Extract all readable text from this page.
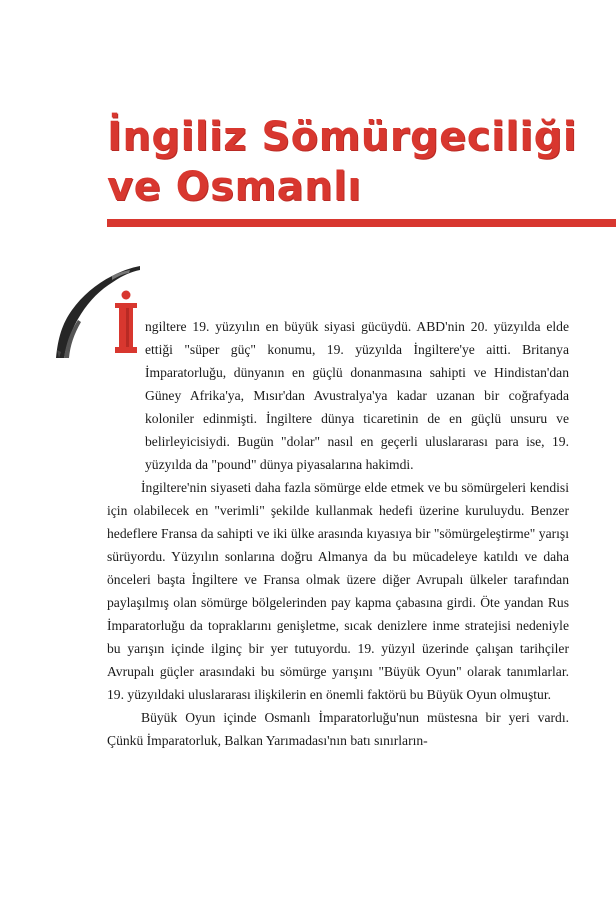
İngiliz Sömürgeciliği
ve Osmanlı

ngiltere 19. yüzyılın en büyük siyasi gücüydü. ABD'nin 20. yüzyılda elde ettiği "süper güç" konumu, 19. yüzyılda İngiltere'ye aitti. Britanya İmparatorluğu, dünyanın en güçlü donanmasına sahipti ve Hindistan'dan Güney Afrika'ya, Mısır'dan Avustralya'ya kadar uzanan bir coğrafyada koloniler edinmişti. İngiltere dünya ticaretinin de en güçlü unsuru ve belirleyicisiydi. Bugün "dolar" nasıl en geçerli uluslararası para ise, 19. yüzyılda da "pound" dünya piyasalarına hakimdi.

İngiltere'nin siyaseti daha fazla sömürge elde etmek ve bu sömürgeleri kendisi için olabilecek en "verimli" şekilde kullanmak hedefi üzerine kuruluydu. Benzer hedeflere Fransa da sahipti ve iki ülke arasında kıyasıya bir "sömürgeleştirme" yarışı sürüyordu. Yüzyılın sonlarına doğru Almanya da bu mücadeleye katıldı ve daha önceleri başta İngiltere ve Fransa olmak üzere diğer Avrupalı ülkeler tarafından paylaşılmış olan sömürge bölgelerinden pay kapma çabasına girdi. Öte yandan Rus İmparatorluğu da topraklarını genişletme, sıcak denizlere inme stratejisi nedeniyle bu yarışın içinde ilginç bir yer tutuyordu. 19. yüzyıl üzerinde çalışan tarihçiler Avrupalı güçler arasındaki bu sömürge yarışını "Büyük Oyun" olarak tanımlarlar. 19. yüzyıldaki uluslararası ilişkilerin en önemli faktörü bu Büyük Oyun olmuştur.

Büyük Oyun içinde Osmanlı İmparatorluğu'nun müstesna bir yeri vardı. Çünkü İmparatorluk, Balkan Yarımadası'nın batı sınırların-
